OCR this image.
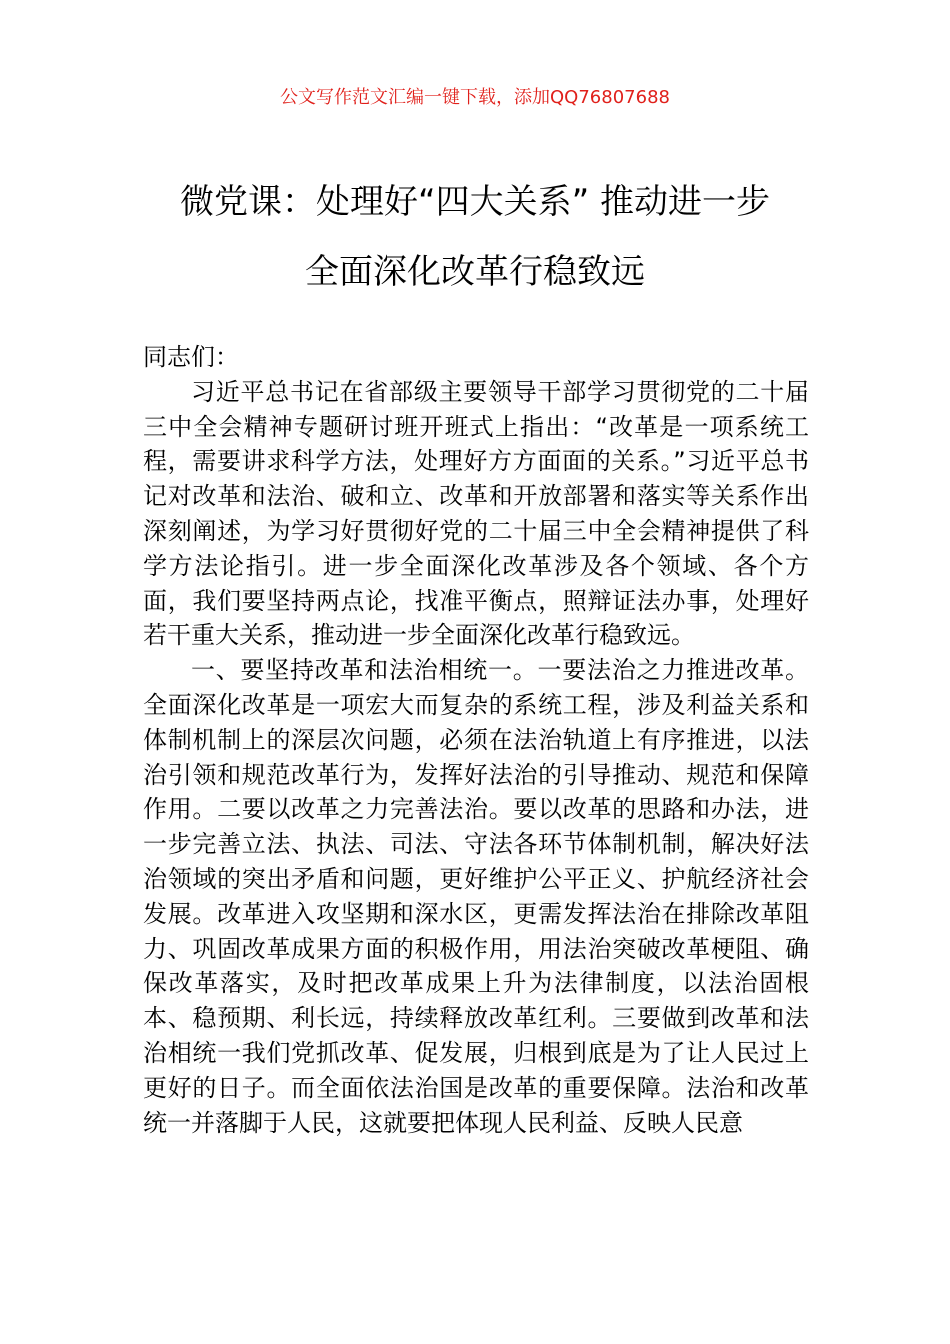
公文写作范文汇编一键下载，添加QQ76807688
微党课：处理好“四大关系” 推动进一步
全面深化改革行稳致远

同志们：

习近平总书记在省部级主要领导干部学习贯彻党的二十届三中全会精神专题研讨班开班式上指出：“改革是一项系统工程，需要讲求科学方法，处理好方方面面的关系。”习近平总书记对改革和法治、破和立、改革和开放部署和落实等关系作出深刻阐述，为学习好贯彻好党的二十届三中全会精神提供了科学方法论指引。进一步全面深化改革涉及各个领域、各个方面，我们要坚持两点论，找准平衡点，照辩证法办事，处理好若干重大关系，推动进一步全面深化改革行稳致远。

一、要坚持改革和法治相统一。一要法治之力推进改革。全面深化改革是一项宏大而复杂的系统工程，涉及利益关系和体制机制上的深层次问题，必须在法治轨道上有序推进，以法治引领和规范改革行为，发挥好法治的引导推动、规范和保障作用。二要以改革之力完善法治。要以改革的思路和办法，进一步完善立法、执法、司法、守法各环节体制机制，解决好法治领域的突出矛盾和问题，更好维护公平正义、护航经济社会发展。改革进入攻坚期和深水区，更需发挥法治在排除改革阻力、巩固改革成果方面的积极作用，用法治突破改革梗阻、确保改革落实，及时把改革成果上升为法律制度，以法治固根本、稳预期、利长远，持续释放改革红利。三要做到改革和法治相统一我们党抓改革、促发展，归根到底是为了让人民过上更好的日子。而全面依法治国是改革的重要保障。法治和改革统一并落脚于人民，这就要把体现人民利益、反映人民意
